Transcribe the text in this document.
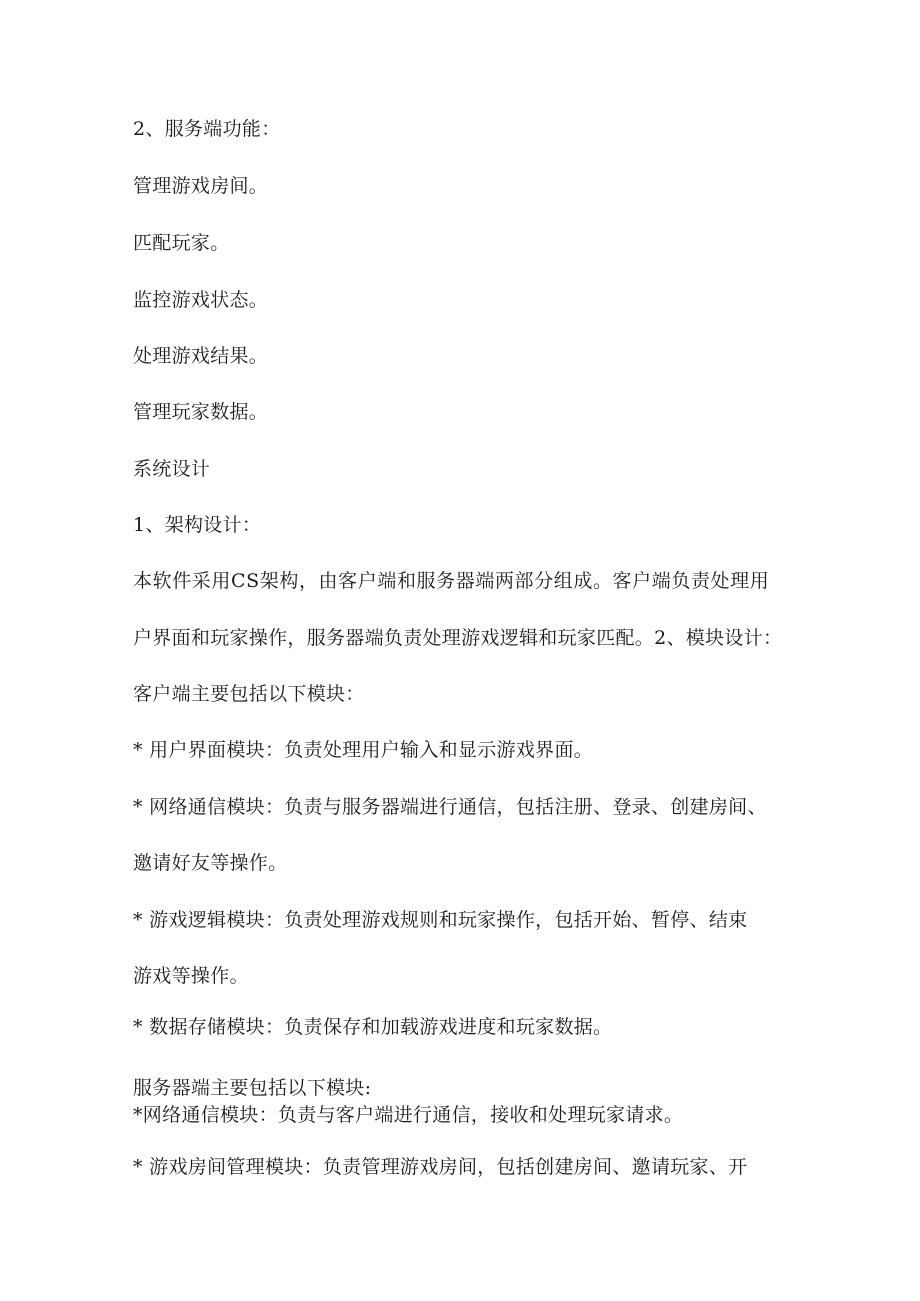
2、服务端功能：
管理游戏房间。
匹配玩家。
监控游戏状态。
处理游戏结果。
管理玩家数据。
系统设计
1、架构设计：
本软件采用CS架构，由客户端和服务器端两部分组成。客户端负责处理用
户界面和玩家操作，服务器端负责处理游戏逻辑和玩家匹配。2、模块设计：
客户端主要包括以下模块：
* 用户界面模块：负责处理用户输入和显示游戏界面。
* 网络通信模块：负责与服务器端进行通信，包括注册、登录、创建房间、
邀请好友等操作。
* 游戏逻辑模块：负责处理游戏规则和玩家操作，包括开始、暂停、结束
游戏等操作。
* 数据存储模块：负责保存和加载游戏进度和玩家数据。
服务器端主要包括以下模块:
*网络通信模块：负责与客户端进行通信，接收和处理玩家请求。
* 游戏房间管理模块：负责管理游戏房间，包括创建房间、邀请玩家、开
